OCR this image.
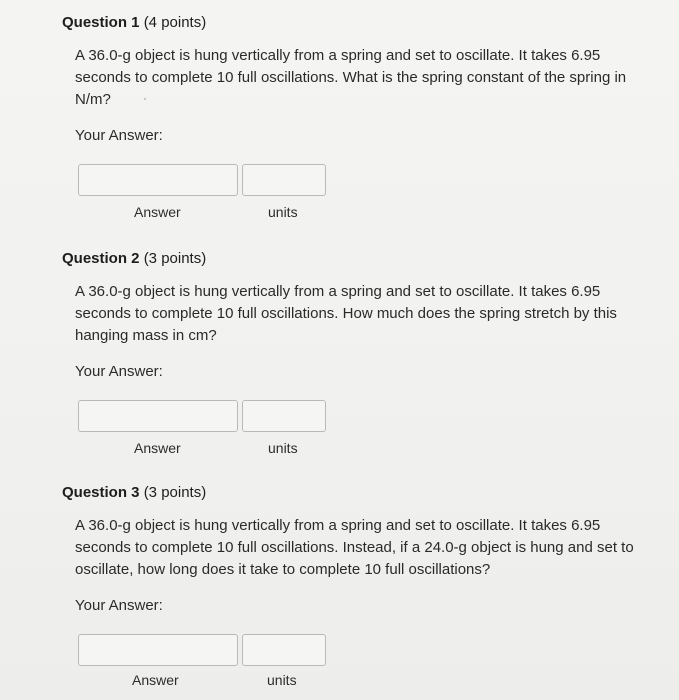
Question 1 (4 points)
A 36.0-g object is hung vertically from a spring and set to oscillate. It takes 6.95 seconds to complete 10 full oscillations. What is the spring constant of the spring in N/m?
Your Answer:
Answer	units
Question 2 (3 points)
A 36.0-g object is hung vertically from a spring and set to oscillate. It takes 6.95 seconds to complete 10 full oscillations. How much does the spring stretch by this hanging mass in cm?
Your Answer:
Answer	units
Question 3 (3 points)
A 36.0-g object is hung vertically from a spring and set to oscillate. It takes 6.95 seconds to complete 10 full oscillations. Instead, if a 24.0-g object is hung and set to oscillate, how long does it take to complete 10 full oscillations?
Your Answer:
Answer	units
